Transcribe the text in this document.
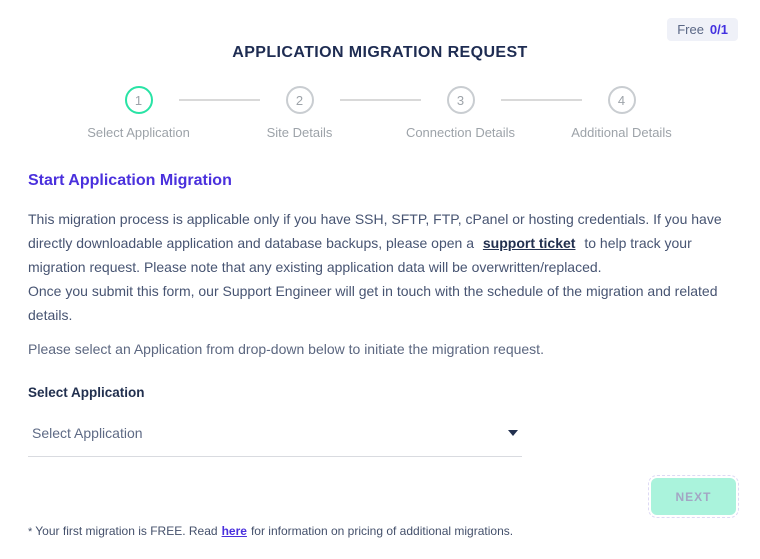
Free 0/1
APPLICATION MIGRATION REQUEST
1
Select Application
2
Site Details
3
Connection Details
4
Additional Details
Start Application Migration

This migration process is applicable only if you have SSH, SFTP, FTP, cPanel or hosting credentials. If you have directly downloadable application and database backups, please open a support ticket to help track your migration request. Please note that any existing application data will be overwritten/replaced.

Once you submit this form, our Support Engineer will get in touch with the schedule of the migration and related details.

Please select an Application from drop-down below to initiate the migration request.

Select Application
Select Application
NEXT
* Your first migration is FREE. Read here for information on pricing of additional migrations.
